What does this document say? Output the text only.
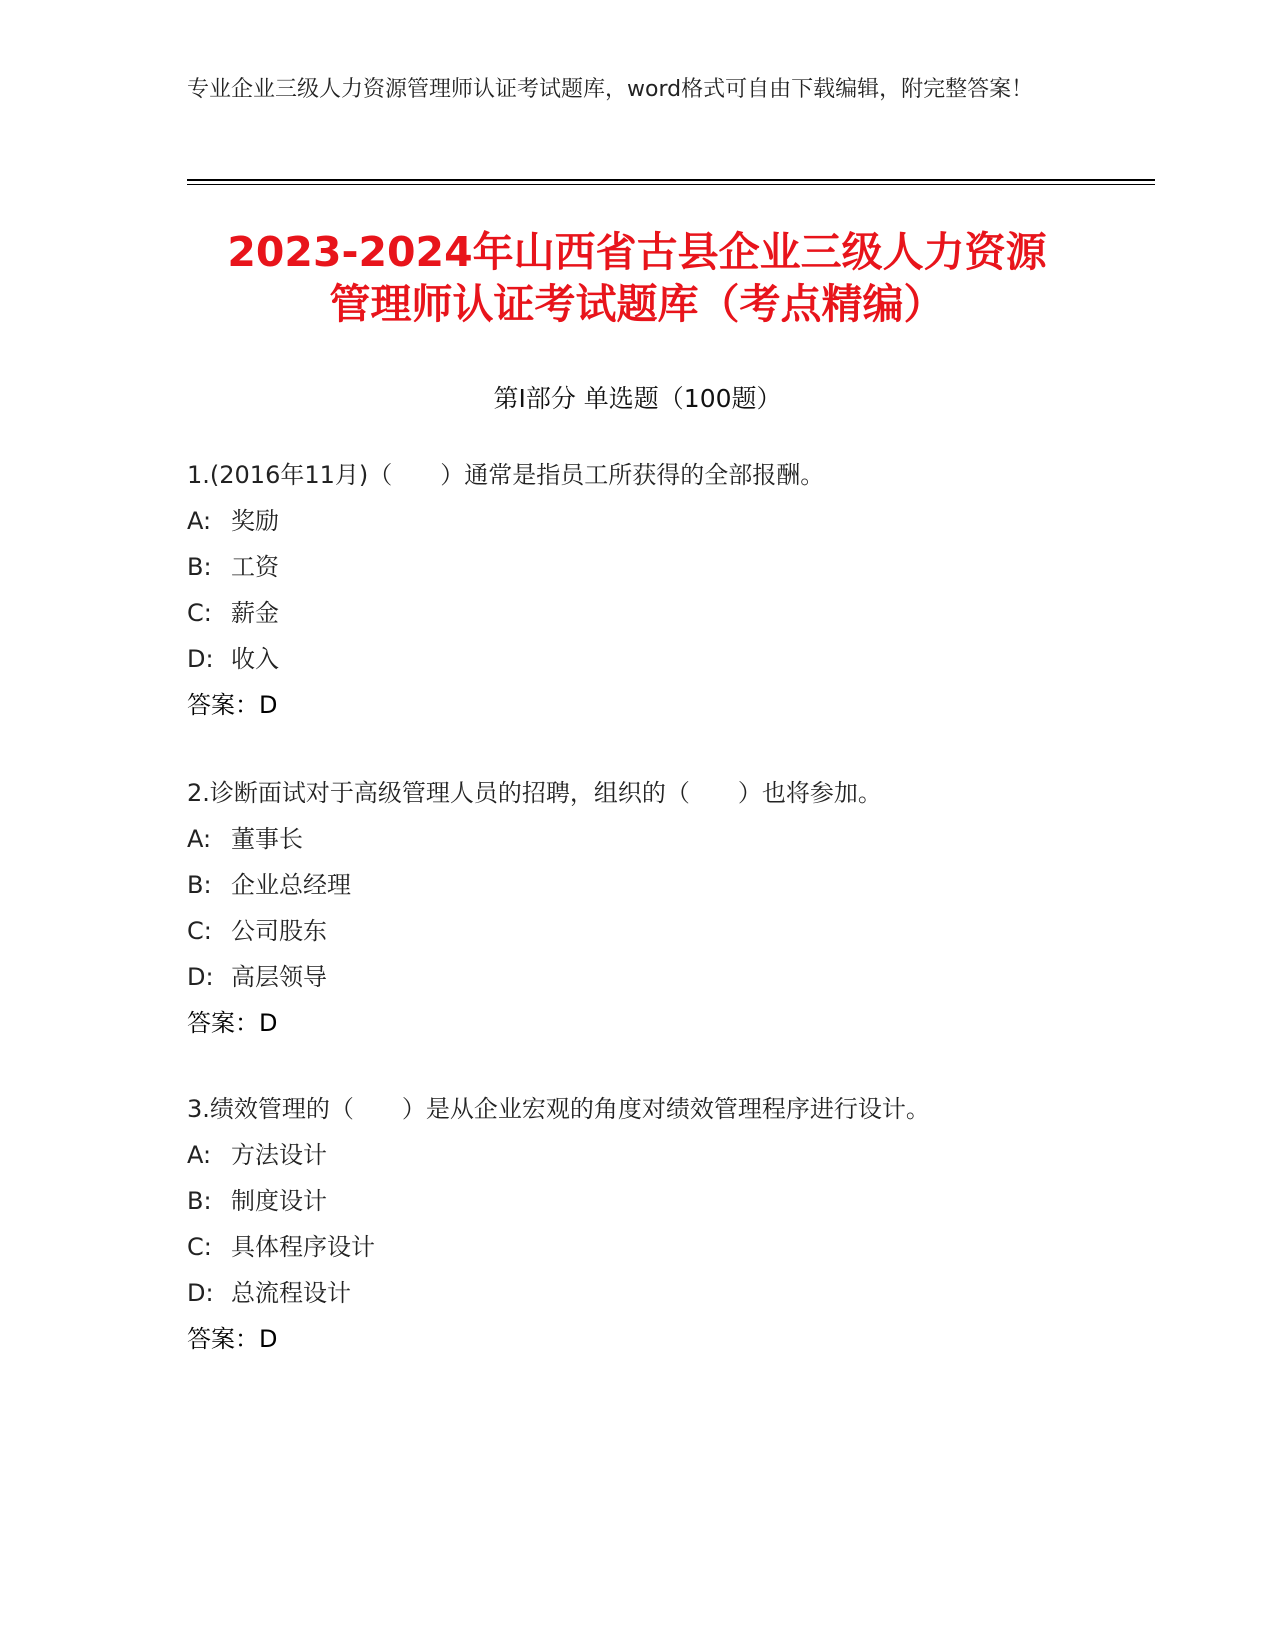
专业企业三级人力资源管理师认证考试题库，word格式可自由下载编辑，附完整答案！
2023-2024年山西省古县企业三级人力资源
管理师认证考试题库（考点精编）
第Ⅰ部分 单选题（100题）

1.(2016年11月)（　　）通常是指员工所获得的全部报酬。

A: 奖励

B: 工资

C: 薪金

D: 收入

答案：D

2.诊断面试对于高级管理人员的招聘，组织的（　　）也将参加。

A: 董事长

B: 企业总经理

C: 公司股东

D: 高层领导

答案：D

3.绩效管理的（　　）是从企业宏观的角度对绩效管理程序进行设计。

A: 方法设计

B: 制度设计

C: 具体程序设计

D: 总流程设计

答案：D
